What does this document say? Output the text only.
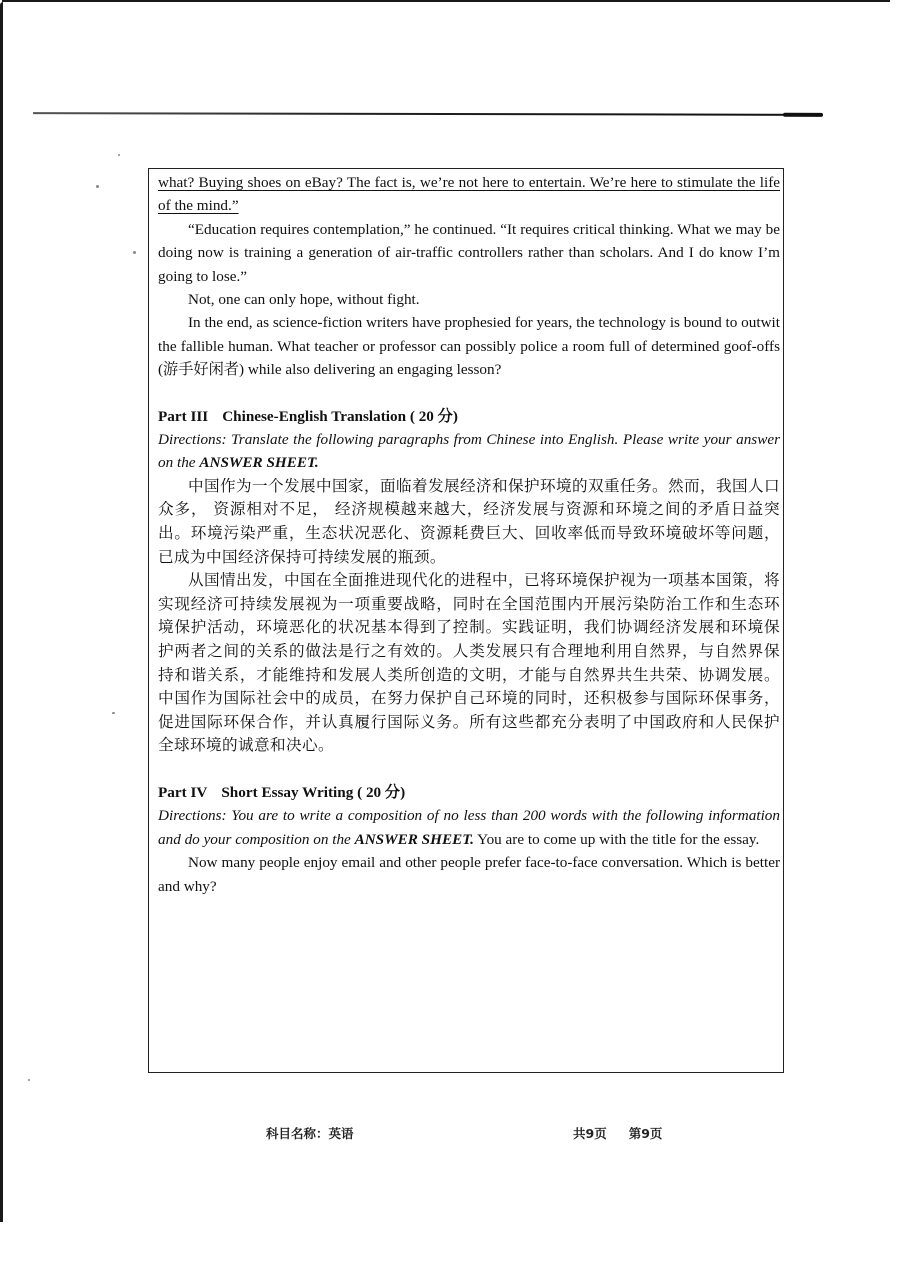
what? Buying shoes on eBay? The fact is, we’re not here to entertain. We’re here to stimulate the life of the mind.”

“Education requires contemplation,” he continued. “It requires critical thinking. What we may be doing now is training a generation of air-traffic controllers rather than scholars. And I do know I’m going to lose.”

Not, one can only hope, without fight.

In the end, as science-fiction writers have prophesied for years, the technology is bound to outwit the fallible human. What teacher or professor can possibly police a room full of determined goof-offs (游手好闲者) while also delivering an engaging lesson?

Part III Chinese-English Translation ( 20 分)

Directions: Translate the following paragraphs from Chinese into English. Please write your answer on the ANSWER SHEET.

中国作为一个发展中国家，面临着发展经济和保护环境的双重任务。然而，我国人口众多， 资源相对不足， 经济规模越来越大，经济发展与资源和环境之间的矛盾日益突出。环境污染严重，生态状况恶化、资源耗费巨大、回收率低而导致环境破坏等问题，已成为中国经济保持可持续发展的瓶颈。

从国情出发，中国在全面推进现代化的进程中，已将环境保护视为一项基本国策，将实现经济可持续发展视为一项重要战略，同时在全国范围内开展污染防治工作和生态环境保护活动，环境恶化的状况基本得到了控制。实践证明，我们协调经济发展和环境保护两者之间的关系的做法是行之有效的。人类发展只有合理地利用自然界，与自然界保持和谐关系，才能维持和发展人类所创造的文明，才能与自然界共生共荣、协调发展。中国作为国际社会中的成员，在努力保护自己环境的同时，还积极参与国际环保事务，促进国际环保合作，并认真履行国际义务。所有这些都充分表明了中国政府和人民保护全球环境的诚意和决心。

Part IV Short Essay Writing ( 20 分)

Directions: You are to write a composition of no less than 200 words with the following information and do your composition on the ANSWER SHEET. You are to come up with the title for the essay.

Now many people enjoy email and other people prefer face-to-face conversation. Which is better and why?

科目名称：英语	共9页 第9页
